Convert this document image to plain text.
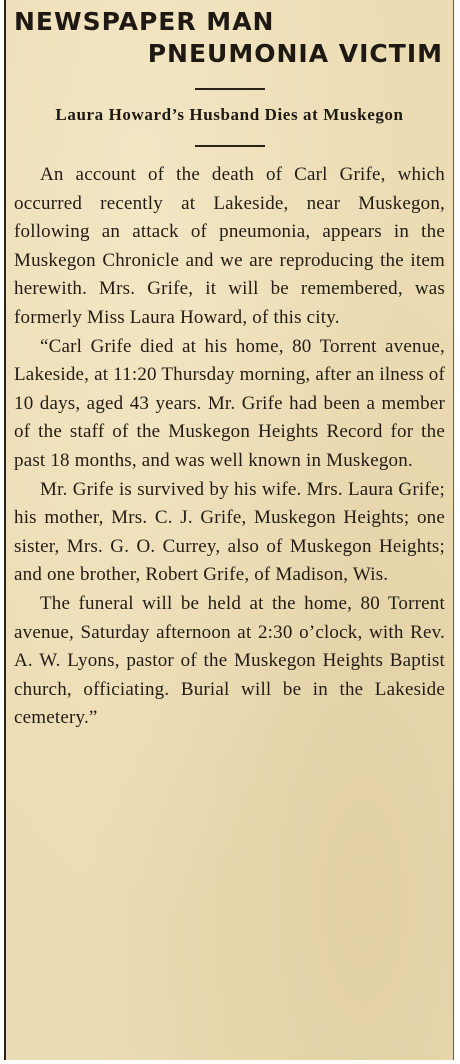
NEWSPAPER MAN
PNEUMONIA VICTIM
Laura Howard’s Husband Dies at Muskegon

An account of the death of Carl Grife, which occurred recently at Lakeside, near Muskegon, following an attack of pneumonia, appears in the Muskegon Chronicle and we are reproducing the item herewith. Mrs. Grife, it will be remembered, was formerly Miss Laura Howard, of this city.

“Carl Grife died at his home, 80 Torrent avenue, Lakeside, at 11:20 Thursday morning, after an ilness of 10 days, aged 43 years. Mr. Grife had been a member of the staff of the Muskegon Heights Record for the past 18 months, and was well known in Muskegon.

Mr. Grife is survived by his wife. Mrs. Laura Grife; his mother, Mrs. C. J. Grife, Muskegon Heights; one sister, Mrs. G. O. Currey, also of Muskegon Heights; and one brother, Robert Grife, of Madison, Wis.

The funeral will be held at the home, 80 Torrent avenue, Saturday afternoon at 2:30 o’clock, with Rev. A. W. Lyons, pastor of the Muskegon Heights Baptist church, officiating. Burial will be in the Lakeside cemetery.”
